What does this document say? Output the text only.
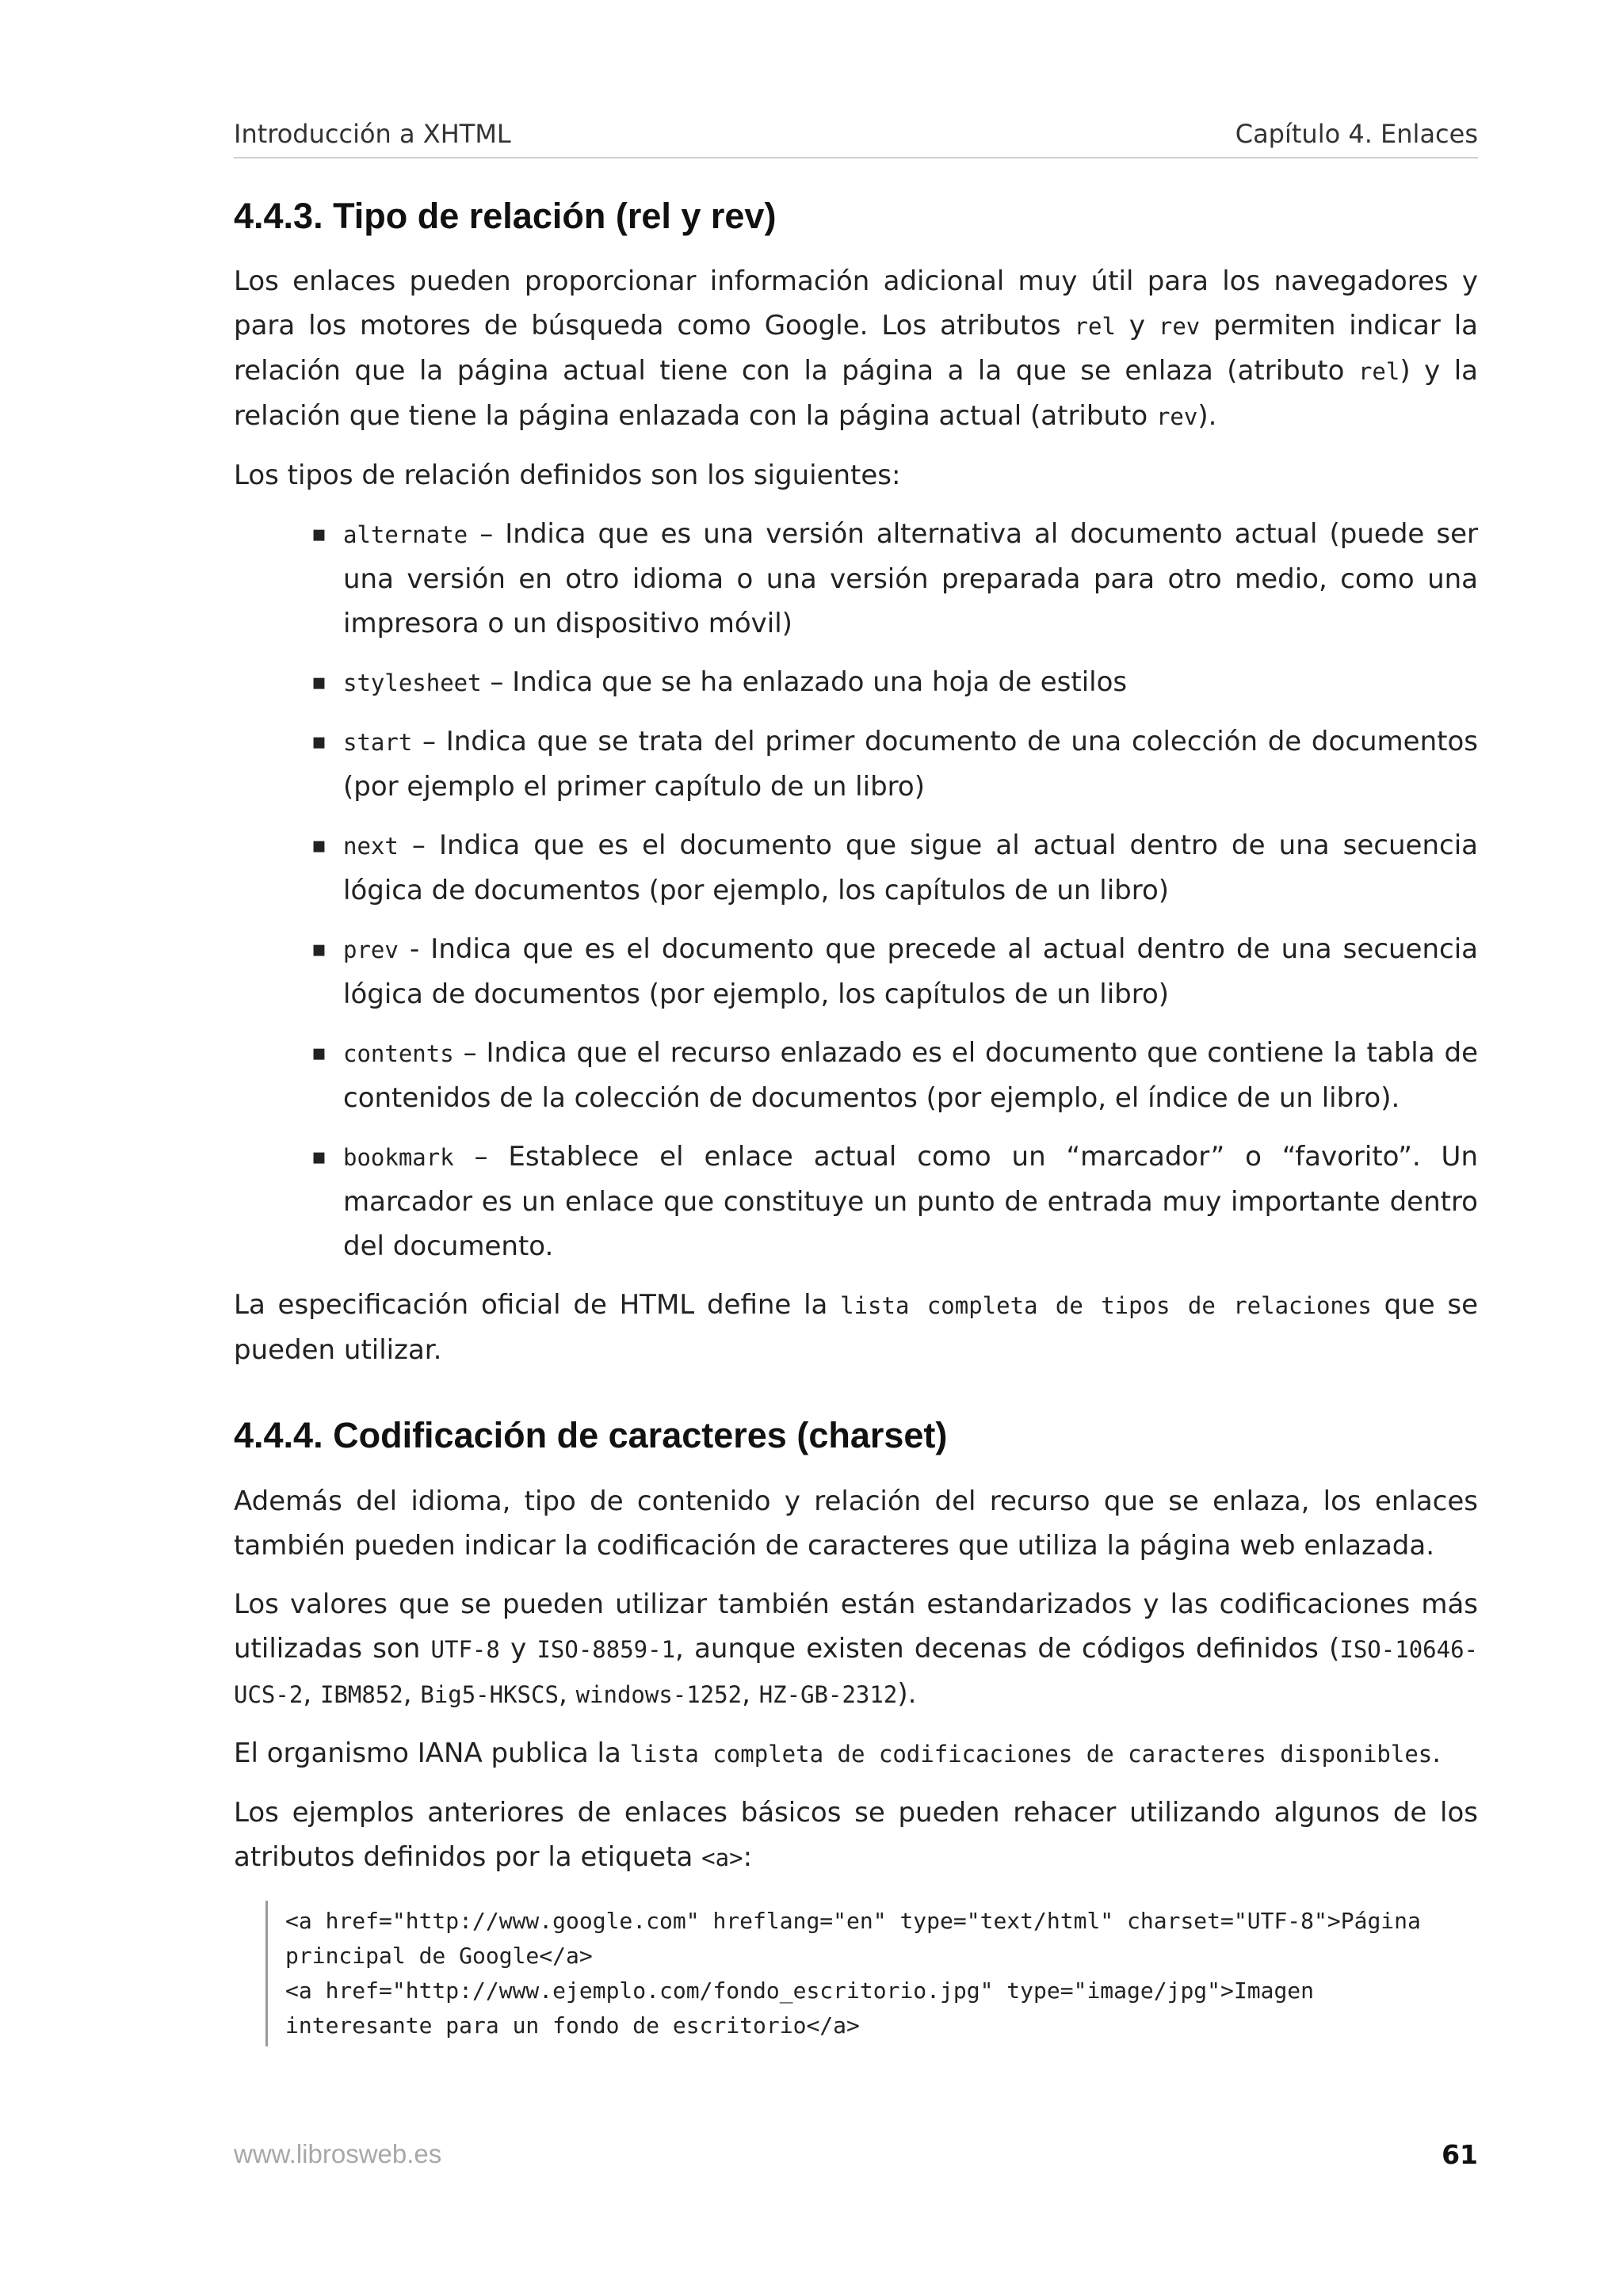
Introducción a XHTML	Capítulo 4. Enlaces
4.4.3. Tipo de relación (rel y rev)

Los enlaces pueden proporcionar información adicional muy útil para los navegadores y para los motores de búsqueda como Google. Los atributos rel y rev permiten indicar la relación que la página actual tiene con la página a la que se enlaza (atributo rel) y la relación que tiene la página enlazada con la página actual (atributo rev).

Los tipos de relación definidos son los siguientes:

▪ alternate – Indica que es una versión alternativa al documento actual (puede ser una versión en otro idioma o una versión preparada para otro medio, como una impresora o un dispositivo móvil)
▪ stylesheet – Indica que se ha enlazado una hoja de estilos
▪ start – Indica que se trata del primer documento de una colección de documentos (por ejemplo el primer capítulo de un libro)
▪ next – Indica que es el documento que sigue al actual dentro de una secuencia lógica de documentos (por ejemplo, los capítulos de un libro)
▪ prev - Indica que es el documento que precede al actual dentro de una secuencia lógica de documentos (por ejemplo, los capítulos de un libro)
▪ contents – Indica que el recurso enlazado es el documento que contiene la tabla de contenidos de la colección de documentos (por ejemplo, el índice de un libro).
▪ bookmark – Establece el enlace actual como un “marcador” o “favorito”. Un marcador es un enlace que constituye un punto de entrada muy importante dentro del documento.

La especificación oficial de HTML define la lista completa de tipos de relaciones que se pueden utilizar.

4.4.4. Codificación de caracteres (charset)

Además del idioma, tipo de contenido y relación del recurso que se enlaza, los enlaces también pueden indicar la codificación de caracteres que utiliza la página web enlazada.

Los valores que se pueden utilizar también están estandarizados y las codificaciones más utilizadas son UTF-8 y ISO-8859-1, aunque existen decenas de códigos definidos (ISO-10646-UCS-2, IBM852, Big5-HKSCS, windows-1252, HZ-GB-2312).

El organismo IANA publica la lista completa de codificaciones de caracteres disponibles.

Los ejemplos anteriores de enlaces básicos se pueden rehacer utilizando algunos de los atributos definidos por la etiqueta <a>:

<a href="http://www.google.com" hreflang="en" type="text/html" charset="UTF-8">Página
principal de Google</a>
<a href="http://www.ejemplo.com/fondo_escritorio.jpg" type="image/jpg">Imagen
interesante para un fondo de escritorio</a>
www.librosweb.es	61
